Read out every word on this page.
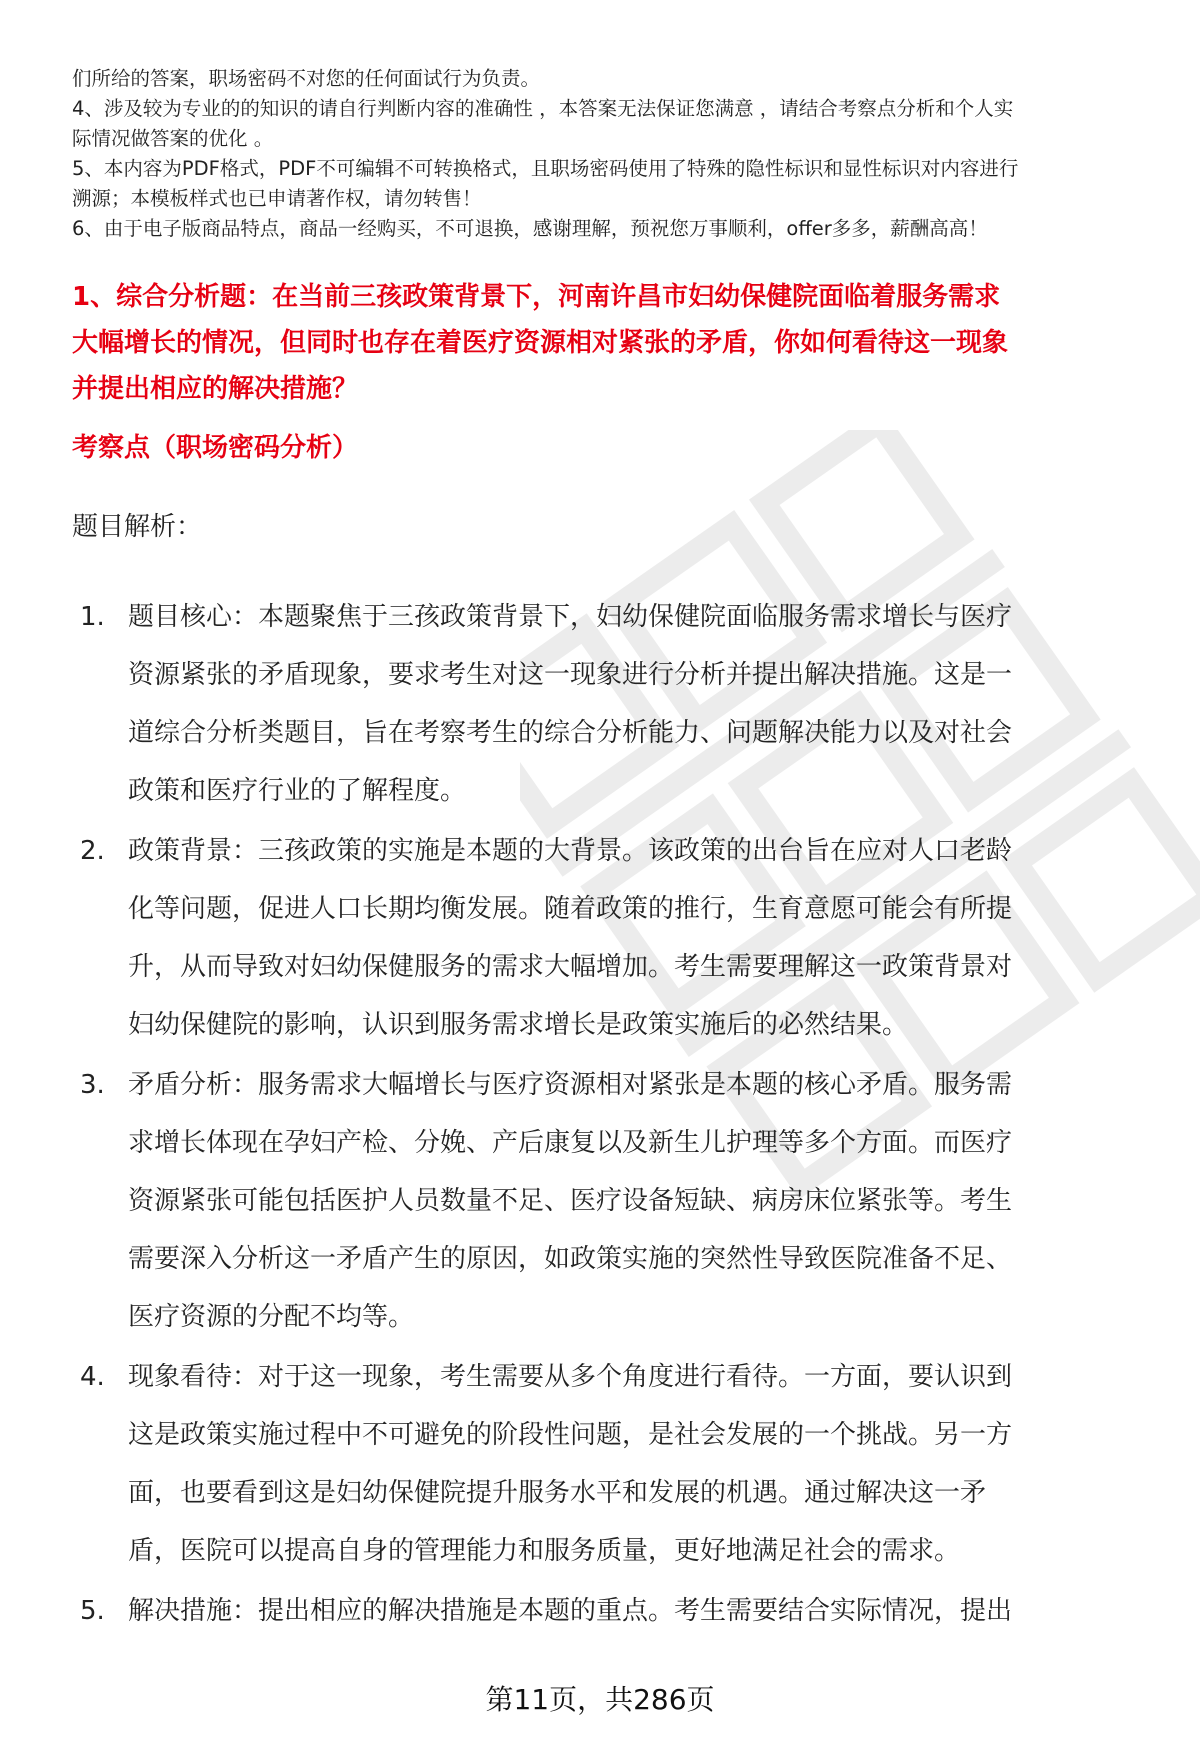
们所给的答案，职场密码不对您的任何面试行为负责。

4、涉及较为专业的的知识的请自行判断内容的准确性 ，本答案无法保证您满意 ，请结合考察点分析和个人实

际情况做答案的优化 。

5、本内容为PDF格式，PDF不可编辑不可转换格式，且职场密码使用了特殊的隐性标识和显性标识对内容进行

溯源；本模板样式也已申请著作权，请勿转售！

6、由于电子版商品特点，商品一经购买，不可退换，感谢理解，预祝您万事顺利，offer多多，薪酬高高！

1、综合分析题：在当前三孩政策背景下，河南许昌市妇幼保健院面临着服务需求

大幅增长的情况，但同时也存在着医疗资源相对紧张的矛盾，你如何看待这一现象

并提出相应的解决措施？

考察点（职场密码分析）

题目解析：

1. 题目核心：本题聚焦于三孩政策背景下，妇幼保健院面临服务需求增长与医疗

资源紧张的矛盾现象，要求考生对这一现象进行分析并提出解决措施。这是一

道综合分析类题目，旨在考察考生的综合分析能力、问题解决能力以及对社会

政策和医疗行业的了解程度。

2. 政策背景：三孩政策的实施是本题的大背景。该政策的出台旨在应对人口老龄

化等问题，促进人口长期均衡发展。随着政策的推行，生育意愿可能会有所提

升，从而导致对妇幼保健服务的需求大幅增加。考生需要理解这一政策背景对

妇幼保健院的影响，认识到服务需求增长是政策实施后的必然结果。

3. 矛盾分析：服务需求大幅增长与医疗资源相对紧张是本题的核心矛盾。服务需

求增长体现在孕妇产检、分娩、产后康复以及新生儿护理等多个方面。而医疗

资源紧张可能包括医护人员数量不足、医疗设备短缺、病房床位紧张等。考生

需要深入分析这一矛盾产生的原因，如政策实施的突然性导致医院准备不足、

医疗资源的分配不均等。

4. 现象看待：对于这一现象，考生需要从多个角度进行看待。一方面，要认识到

这是政策实施过程中不可避免的阶段性问题，是社会发展的一个挑战。另一方

面，也要看到这是妇幼保健院提升服务水平和发展的机遇。通过解决这一矛

盾，医院可以提高自身的管理能力和服务质量，更好地满足社会的需求。

5. 解决措施：提出相应的解决措施是本题的重点。考生需要结合实际情况，提出

第11页，共286页
